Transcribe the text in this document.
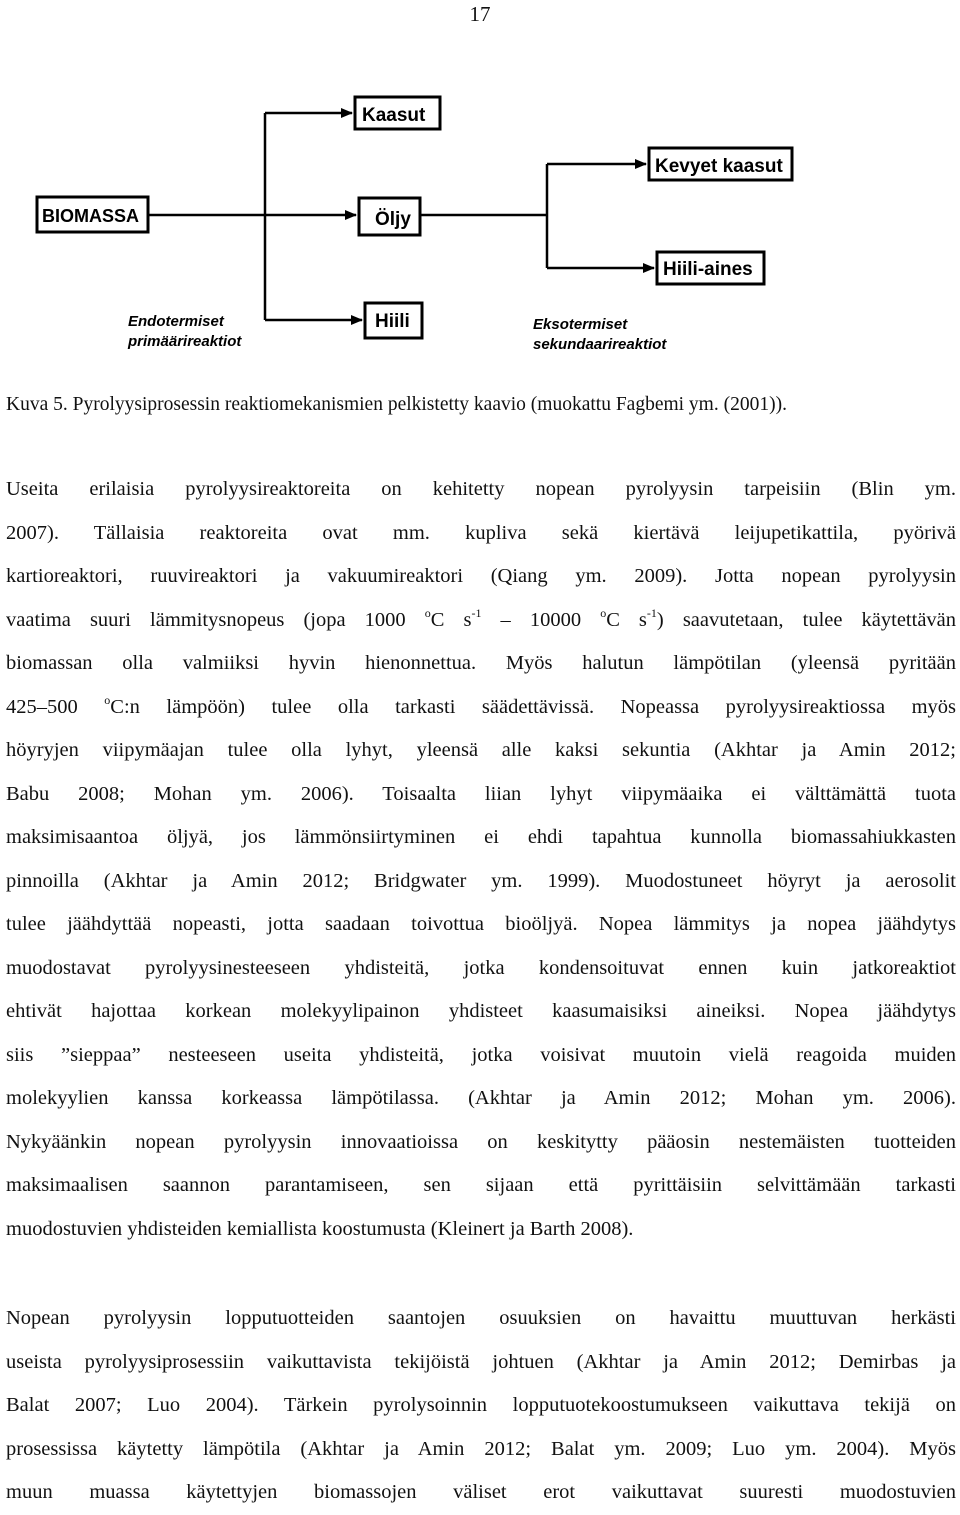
17
BIOMASSA
Kaasut
Öljy
Hiili
Kevyet kaasut
Hiili-aines
Endotermiset
primäärireaktiot
Eksotermiset
sekundaarireaktiot
Kuva 5. Pyrolyysiprosessin reaktiomekanismien pelkistetty kaavio (muokattu Fagbemi ym. (2001)).
Useita erilaisia pyrolyysireaktoreita on kehitetty nopean pyrolyysin tarpeisiin (Blin ym.
2007). Tällaisia reaktoreita ovat mm. kupliva sekä kiertävä leijupetikattila, pyörivä
kartioreaktori, ruuvireaktori ja vakuumireaktori (Qiang ym. 2009). Jotta nopean pyrolyysin
vaatima suuri lämmitysnopeus (jopa 1000 $^o$C $s^{-1} - 10000$ $^o$C $s^{-1}$) saavutetaan, tulee käytettävän
biomassan olla valmiiksi hyvin hienonnettua. Myös halutun lämpötilan (yleensä pyritään
425–500 $^o$C:n lämpöön) tulee olla tarkasti säädettävissä. Nopeassa pyrolyysireaktiossa myös
höyryjen viipymäajan tulee olla lyhyt, yleensä alle kaksi sekuntia (Akhtar ja Amin 2012;
Babu 2008; Mohan ym. 2006). Toisaalta liian lyhyt viipymäaika ei välttämättä tuota
maksimisaantoa öljyä, jos lämmönsiirtyminen ei ehdi tapahtua kunnolla biomassahiukkasten
pinnoilla (Akhtar ja Amin 2012; Bridgwater ym. 1999). Muodostuneet höyryt ja aerosolit
tulee jäähdyttää nopeasti, jotta saadaan toivottua bioöljyä. Nopea lämmitys ja nopea jäähdytys
muodostavat pyrolyysinesteeseen yhdisteitä, jotka kondensoituvat ennen kuin jatkoreaktiot
ehtivät hajottaa korkean molekyylipainon yhdisteet kaasumaisiksi aineiksi. Nopea jäähdytys
siis ”sieppaa” nesteeseen useita yhdisteitä, jotka voisivat muutoin vielä reagoida muiden
molekyylien kanssa korkeassa lämpötilassa. (Akhtar ja Amin 2012; Mohan ym. 2006).
Nykyäänkin nopean pyrolyysin innovaatioissa on keskitytty pääosin nestemäisten tuotteiden
maksimaalisen saannon parantamiseen, sen sijaan että pyrittäisiin selvittämään tarkasti
muodostuvien yhdisteiden kemiallista koostumusta (Kleinert ja Barth 2008).
Nopean pyrolyysin lopputuotteiden saantojen osuuksien on havaittu muuttuvan herkästi
useista pyrolyysiprosessiin vaikuttavista tekijöistä johtuen (Akhtar ja Amin 2012; Demirbas ja
Balat 2007; Luo 2004). Tärkein pyrolysoinnin lopputuotekoostumukseen vaikuttava tekijä on
prosessissa käytetty lämpötila (Akhtar ja Amin 2012; Balat ym. 2009; Luo ym. 2004). Myös
muun muassa käytettyjen biomassojen väliset erot vaikuttavat suuresti muodostuvien
